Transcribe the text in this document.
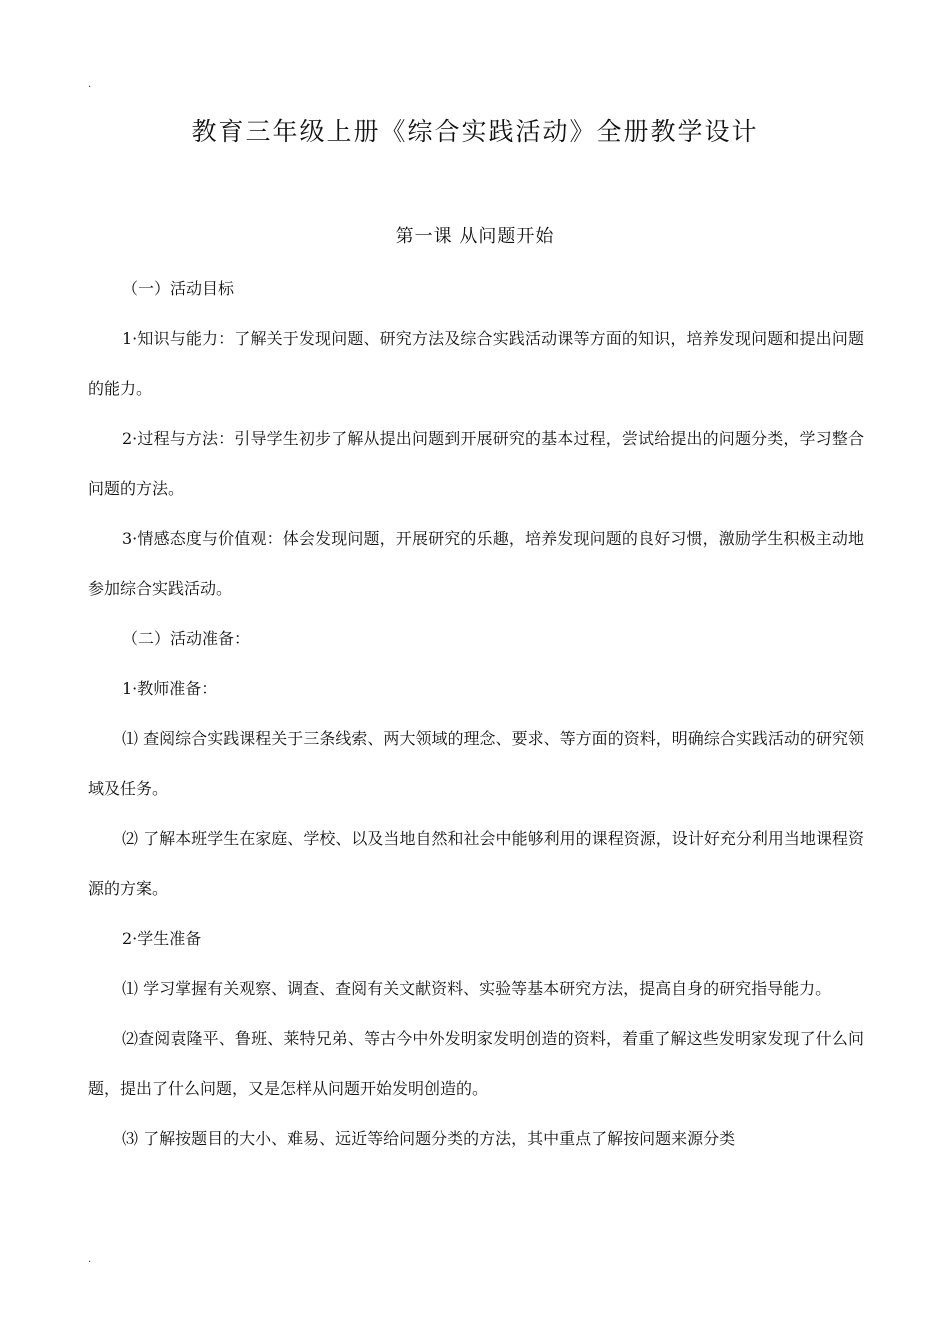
.
教育三年级上册《综合实践活动》全册教学设计
第一课 从问题开始

（一）活动目标

1·知识与能力：了解关于发现问题、研究方法及综合实践活动课等方面的知识，培养发现问题和提出问题的能力。

2·过程与方法：引导学生初步了解从提出问题到开展研究的基本过程，尝试给提出的问题分类，学习整合问题的方法。

3·情感态度与价值观：体会发现问题，开展研究的乐趣，培养发现问题的良好习惯，激励学生积极主动地参加综合实践活动。

（二）活动准备：

1·教师准备：

⑴ 查阅综合实践课程关于三条线索、两大领域的理念、要求、等方面的资料，明确综合实践活动的研究领域及任务。

⑵ 了解本班学生在家庭、学校、以及当地自然和社会中能够利用的课程资源，设计好充分利用当地课程资源的方案。

2·学生准备

⑴ 学习掌握有关观察、调查、查阅有关文献资料、实验等基本研究方法，提高自身的研究指导能力。

⑵查阅袁隆平、鲁班、莱特兄弟、等古今中外发明家发明创造的资料，着重了解这些发明家发现了什么问题，提出了什么问题，又是怎样从问题开始发明创造的。

⑶ 了解按题目的大小、难易、远近等给问题分类的方法，其中重点了解按问题来源分类

.
